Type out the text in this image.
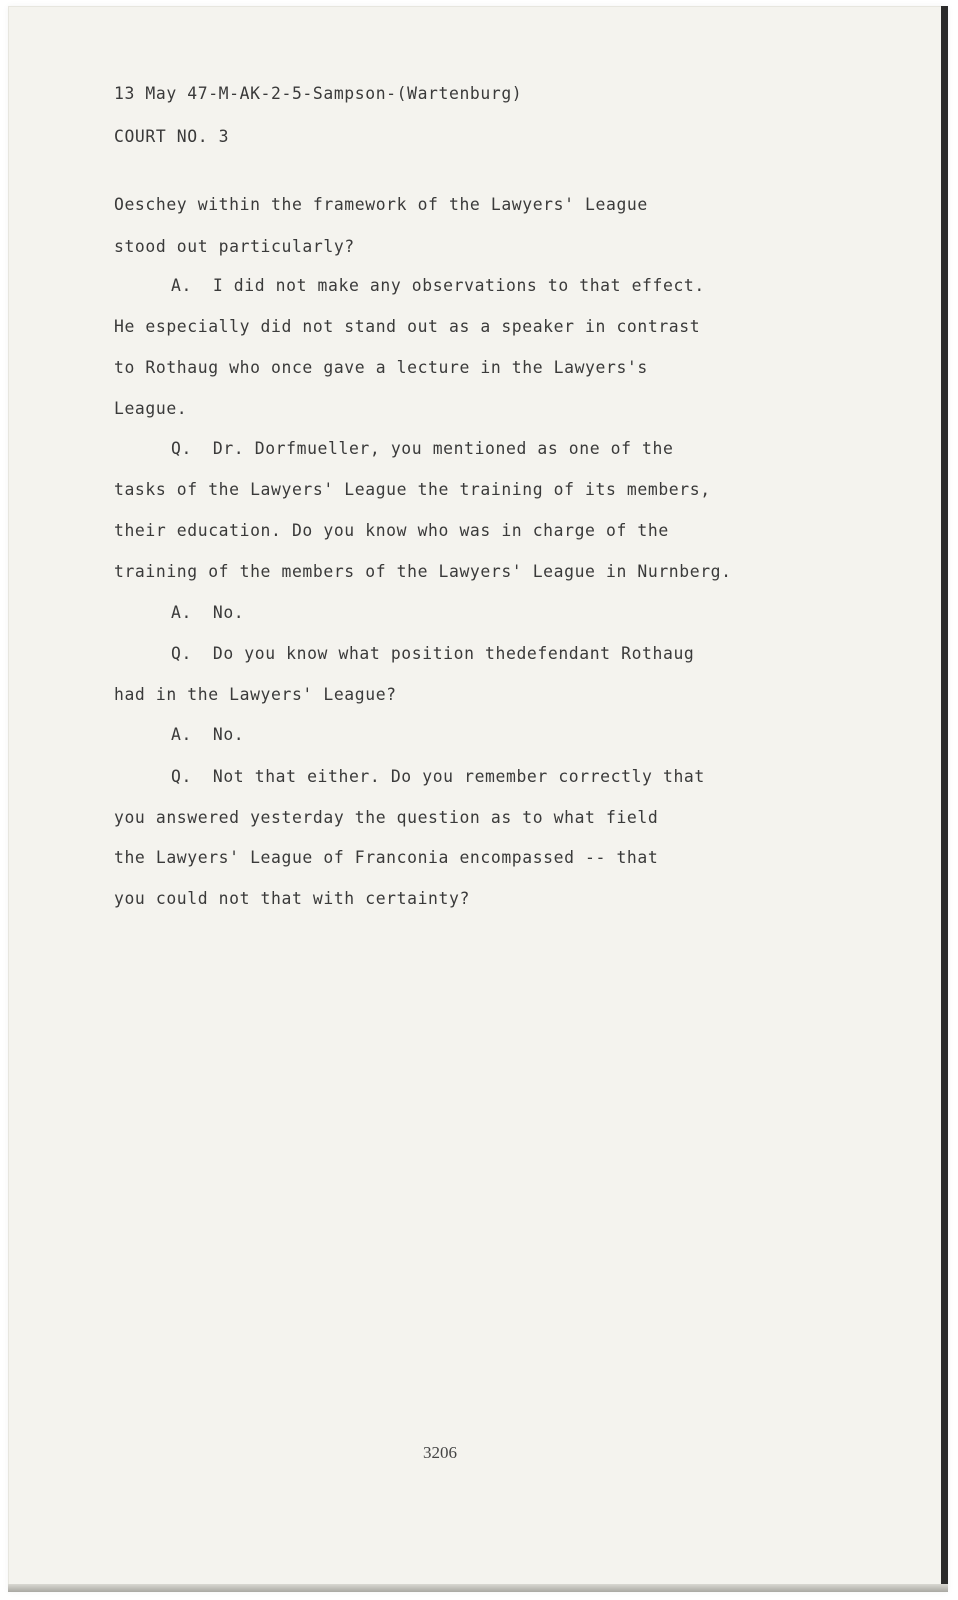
13 May 47-M-AK-2-5-Sampson-(Wartenburg)
COURT NO. 3
Oeschey within the framework of the Lawyers' League
stood out particularly?
A.  I did not make any observations to that effect.
He especially did not stand out as a speaker in contrast
to Rothaug who once gave a lecture in the Lawyers's
League.
Q.  Dr. Dorfmueller, you mentioned as one of the
tasks of the Lawyers' League the training of its members,
their education. Do you know who was in charge of the
training of the members of the Lawyers' League in Nurnberg.
A.  No.
Q.  Do you know what position thedefendant Rothaug
had in the Lawyers' League?
A.  No.
Q.  Not that either. Do you remember correctly that
you answered yesterday the question as to what field
the Lawyers' League of Franconia encompassed -- that
you could not that with certainty?
3206
